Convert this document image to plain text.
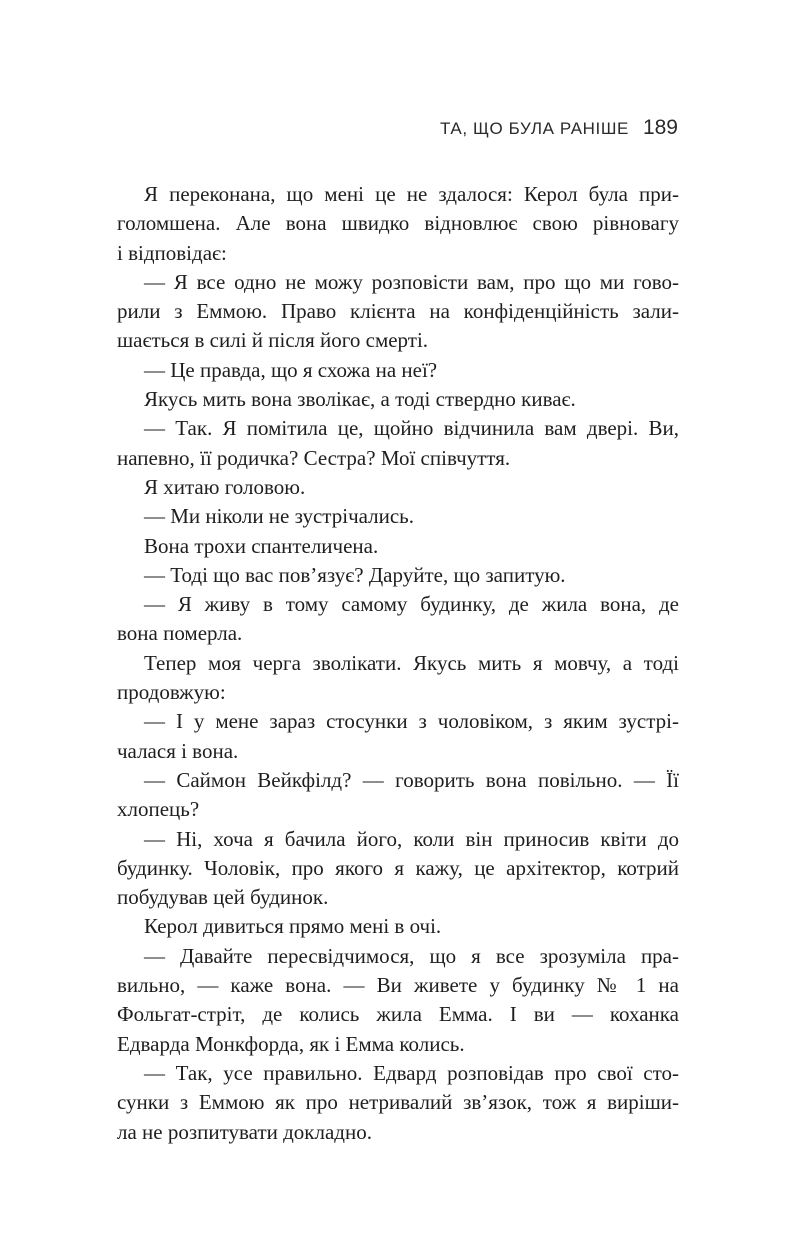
ТА, ЩО БУЛА РАНІШЕ 189
Я переконана, що мені це не здалося: Керол була при-
голомшена. Але вона швидко відновлює свою рівновагу
і відповідає:
— Я все одно не можу розповісти вам, про що ми гово-
рили з Еммою. Право клієнта на конфіденційність зали-
шається в силі й після його смерті.
— Це правда, що я схожа на неї?
Якусь мить вона зволікає, а тоді ствердно киває.
— Так. Я помітила це, щойно відчинила вам двері. Ви,
напевно, її родичка? Сестра? Мої співчуття.
Я хитаю головою.
— Ми ніколи не зустрічались.
Вона трохи спантеличена.
— Тоді що вас пов’язує? Даруйте, що запитую.
— Я живу в тому самому будинку, де жила вона, де
вона померла.
Тепер моя черга зволікати. Якусь мить я мовчу, а тоді
продовжую:
— І у мене зараз стосунки з чоловіком, з яким зустрі-
чалася і вона.
— Саймон Вейкфілд? — говорить вона повільно. — Її
хлопець?
— Ні, хоча я бачила його, коли він приносив квіти до
будинку. Чоловік, про якого я кажу, це архітектор, котрий
побудував цей будинок.
Керол дивиться прямо мені в очі.
— Давайте пересвідчимося, що я все зрозуміла пра-
вильно, — каже вона. — Ви живете у будинку № 1 на
Фольгат-стріт, де колись жила Емма. І ви — коханка
Едварда Монкфорда, як і Емма колись.
— Так, усе правильно. Едвард розповідав про свої сто-
сунки з Еммою як про нетривалий зв’язок, тож я виріши-
ла не розпитувати докладно.
